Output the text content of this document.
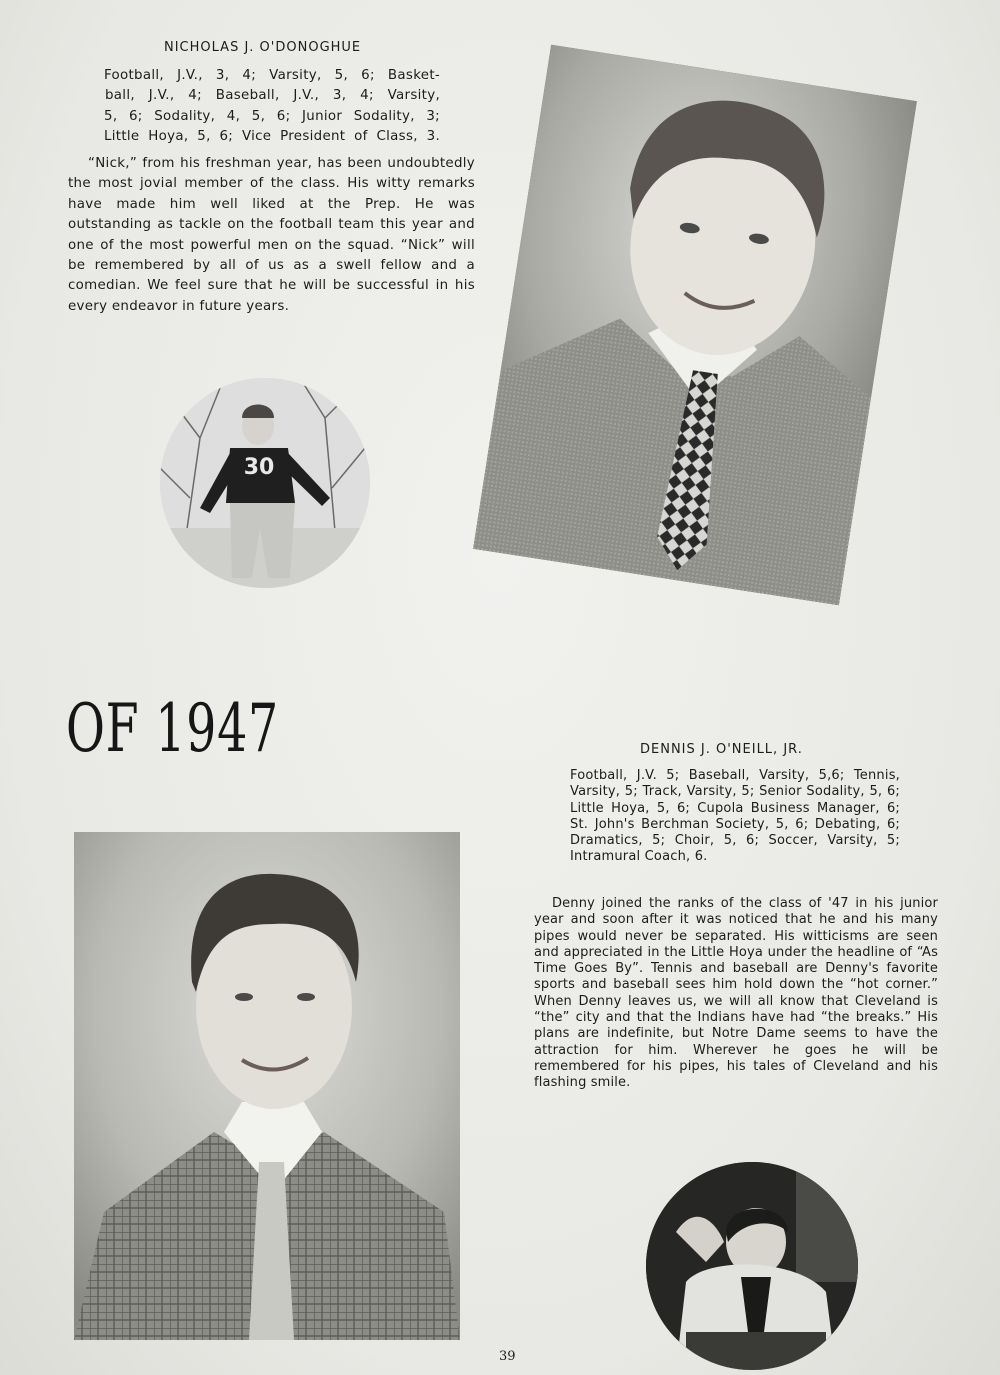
NICHOLAS J. O'DONOGHUE
Football, J.V., 3, 4; Varsity, 5, 6; Basket-
ball, J.V., 4; Baseball, J.V., 3, 4; Varsity,
5, 6; Sodality, 4, 5, 6; Junior Sodality, 3;
Little Hoya, 5, 6; Vice President of Class, 3.
“Nick,” from his freshman year, has been undoubtedly the most jovial member of the class. His witty remarks have made him well liked at the Prep. He was outstanding as tackle on the football team this year and one of the most powerful men on the squad. “Nick” will be remembered by all of us as a swell fellow and a comedian. We feel sure that he will be successful in his every endeavor in future years.
30
OF 1947	DENNIS J. O'NEILL, JR.
Football, J.V. 5; Baseball, Varsity, 5,6; Tennis, Varsity, 5; Track, Varsity, 5; Senior Sodality, 5, 6; Little Hoya, 5, 6; Cupola Business Manager, 6; St. John's Berchman Society, 5, 6; Debating, 6; Dramatics, 5; Choir, 5, 6; Soccer, Varsity, 5; Intramural Coach, 6.
Denny joined the ranks of the class of '47 in his junior year and soon after it was noticed that he and his many pipes would never be separated. His witticisms are seen and appreciated in the Little Hoya under the headline of “As Time Goes By”. Tennis and baseball are Denny's favorite sports and baseball sees him hold down the “hot corner.” When Denny leaves us, we will all know that Cleveland is “the” city and that the Indians have had “the breaks.” His plans are indefinite, but Notre Dame seems to have the attraction for him. Wherever he goes he will be remembered for his pipes, his tales of Cleveland and his flashing smile.
39
